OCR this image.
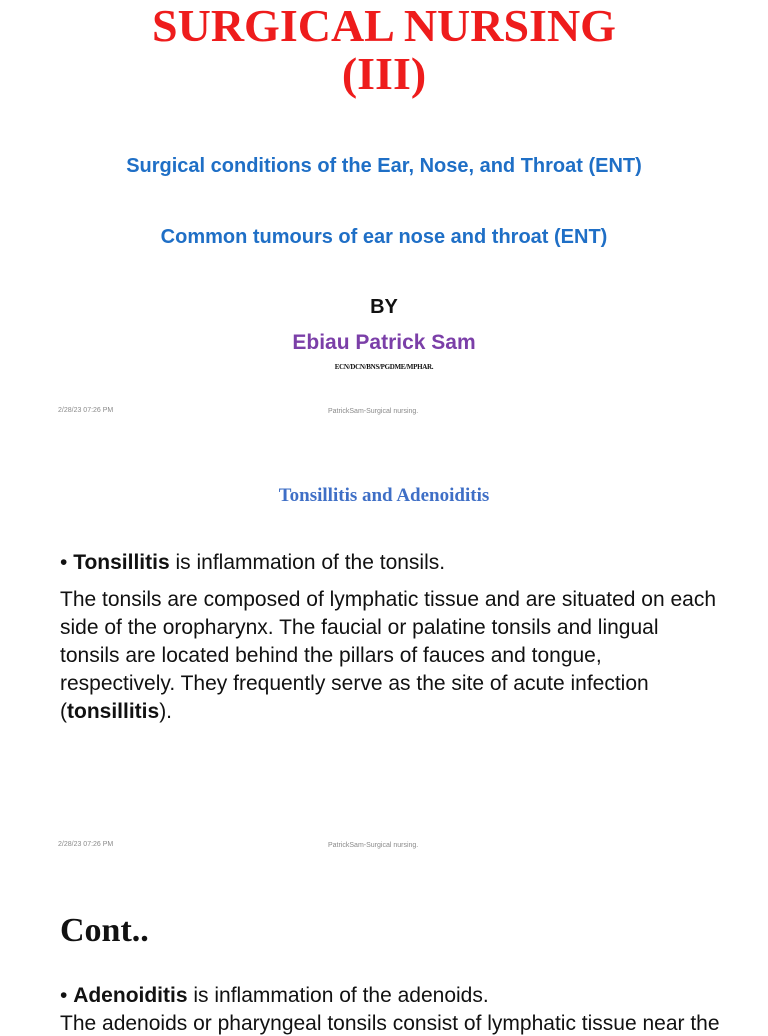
SURGICAL NURSING
(III)
Surgical conditions of the Ear, Nose, and Throat (ENT)
Common tumours of ear nose and throat (ENT)
BY
Ebiau Patrick Sam
ECN/DCN/BNS/PGDME/MPHAR.
2/28/23 07:26 PM	PatrickSam-Surgical nursing.
Tonsillitis and Adenoiditis
• Tonsillitis is inflammation of the tonsils.
The tonsils are composed of lymphatic tissue and are situated on each side of the oropharynx. The faucial or palatine tonsils and lingual tonsils are located behind the pillars of fauces and tongue, respectively. They frequently serve as the site of acute infection (tonsillitis).
2/28/23 07:26 PM	PatrickSam-Surgical nursing.
Cont..
• Adenoiditis is inflammation of the adenoids.
The adenoids or pharyngeal tonsils consist of lymphatic tissue near the
